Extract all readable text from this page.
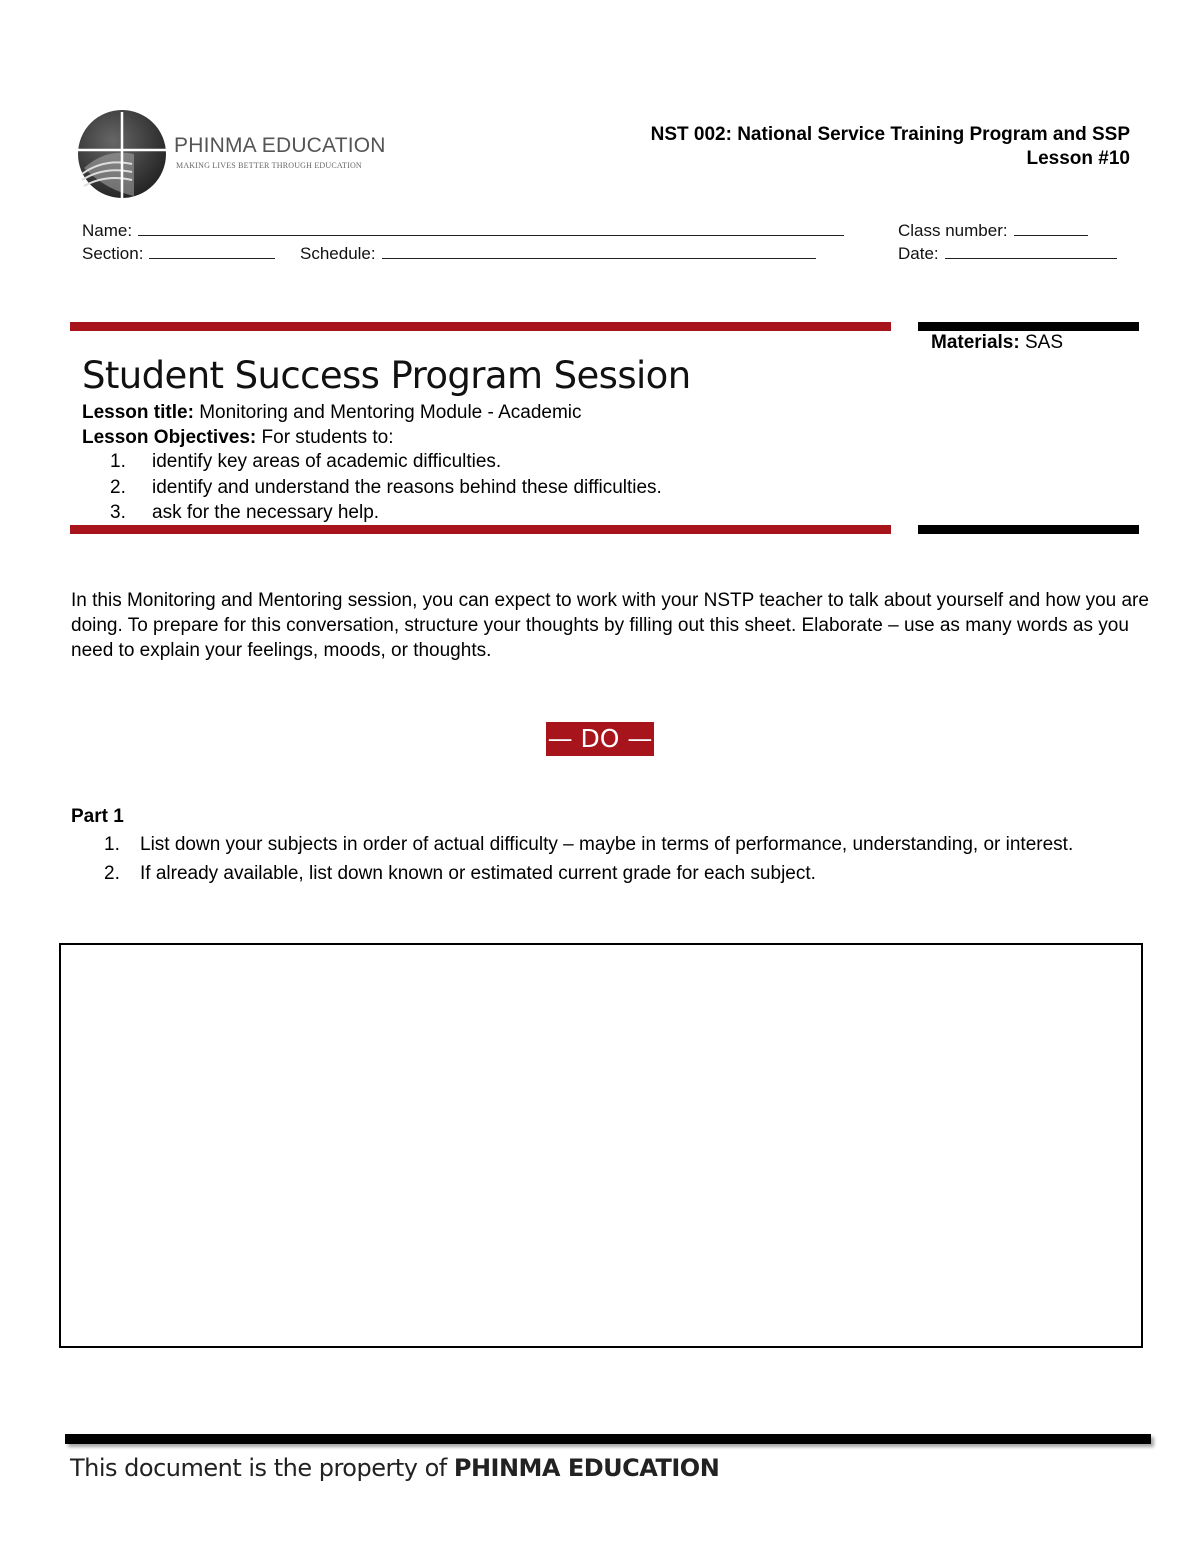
PHINMA EDUCATION
MAKING LIVES BETTER THROUGH EDUCATION
NST 002: National Service Training Program and SSP
Lesson #10
Name:	Class number:
Section:	Schedule:	Date:
Student Success Program Session
Lesson title: Monitoring and Mentoring Module - Academic
Lesson Objectives: For students to:
1. identify key areas of academic difficulties.
2. identify and understand the reasons behind these difficulties.
3. ask for the necessary help.
Materials: SAS
In this Monitoring and Mentoring session, you can expect to work with your NSTP teacher to talk about yourself and how you are doing. To prepare for this conversation, structure your thoughts by filling out this sheet. Elaborate – use as many words as you need to explain your feelings, moods, or thoughts.
— DO —
Part 1
1. List down your subjects in order of actual difficulty – maybe in terms of performance, understanding, or interest.
2. If already available, list down known or estimated current grade for each subject.
This document is the property of PHINMA EDUCATION
